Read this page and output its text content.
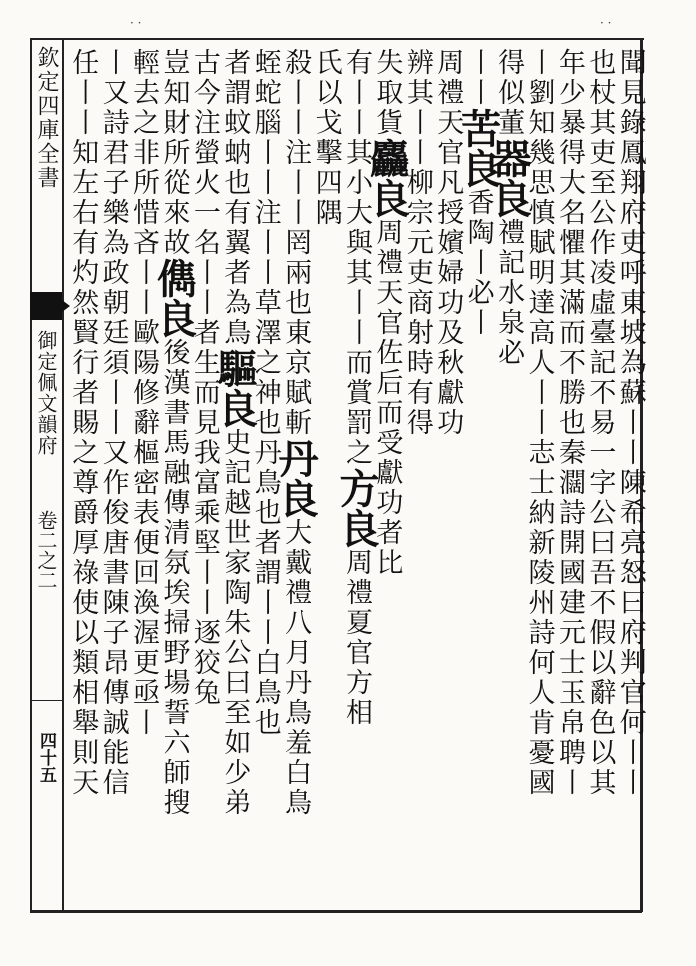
欽定四庫全書
御定佩文韻府
卷二之二
四十五
· ·	· ·
聞見錄鳳翔府吏呼東坡為蘇丨丨陳希亮怒曰府判官何丨丨
也杖其吏至公作凌虛臺記不易一字公曰吾不假以辭色以其
年少暴得大名懼其滿而不勝也秦𤄃詩開國建元士玉帛聘丨
丨劉知幾思慎賦明達高人丨丨志士納新陵州詩何人肯憂國
得似董器良禮記水泉必
丨丨苦良香陶丨必丨
周禮天官凡授嬪婦功及秋獻功
辨其丨丨柳宗元吏商射時有得
失取貨麤良周禮天官佐后而受獻功者比
有丨丨其小大與其丨丨而賞罰之方良周禮夏官方相
氏以戈擊四隅
殺丨丨注丨丨罔兩也東京賦斬丹良大戴禮八月丹鳥羞白鳥
蛭蛇腦丨丨注丨丨草澤之神也丹鳥也者謂丨丨白鳥也
者謂蚊蚋也有翼者為鳥驅良史記越世家陶朱公曰至如少弟
古今注螢火一名丨丨者生而見我富乘堅丨丨逐狡兔
豈知財所從來故儁良後漢書馬融傳清氛埃掃野場誓六師搜
輕去之非所惜吝丨丨歐陽修辭樞密表便回渙渥更亟丨
丨又詩君子樂為政朝廷須丨丨又作俊唐書陳子昂傳誠能信
任丨丨知左右有灼然賢行者賜之尊爵厚祿使以類相舉則天
